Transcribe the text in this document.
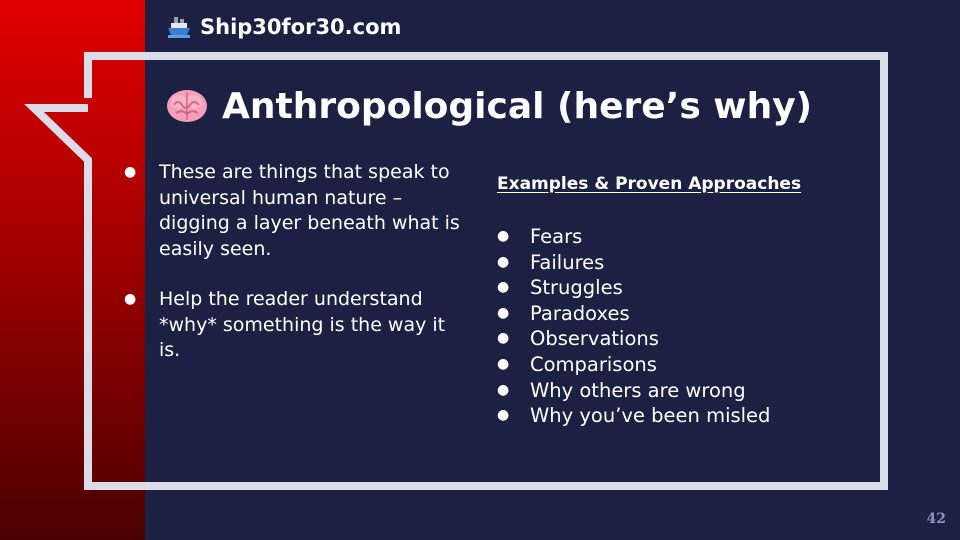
Ship30for30.com
Anthropological (here’s why)
● These are things that speak to universal human nature – digging a layer beneath what is easily seen.
● Help the reader understand *why* something is the way it is.
Examples & Proven Approaches
● Fears
● Failures
● Struggles
● Paradoxes
● Observations
● Comparisons
● Why others are wrong
● Why you’ve been misled
42
